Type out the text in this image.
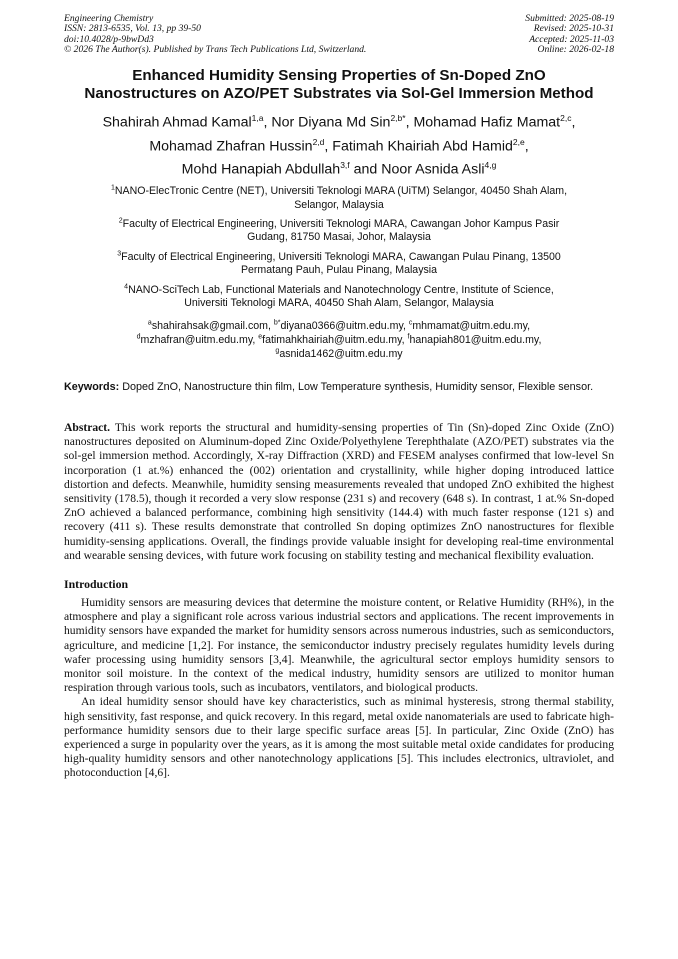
Engineering Chemistry
ISSN: 2813-6535, Vol. 13, pp 39-50
doi:10.4028/p-9bwDd3
© 2026 The Author(s). Published by Trans Tech Publications Ltd, Switzerland.
Submitted: 2025-08-19
Revised: 2025-10-31
Accepted: 2025-11-03
Online: 2026-02-18
Enhanced Humidity Sensing Properties of Sn-Doped ZnO
Nanostructures on AZO/PET Substrates via Sol-Gel Immersion Method
Shahirah Ahmad Kamal$^{1,a}$, Nor Diyana Md Sin$^{2,b*}$, Mohamad Hafiz Mamat$^{2,c}$,
Mohamad Zhafran Hussin$^{2,d}$, Fatimah Khairiah Abd Hamid$^{2,e}$,
Mohd Hanapiah Abdullah$^{3,f}$ and Noor Asnida Asli$^{4,g}$
$^1$NANO-ElecTronic Centre (NET), Universiti Teknologi MARA (UiTM) Selangor, 40450 Shah Alam,
Selangor, Malaysia
$^2$Faculty of Electrical Engineering, Universiti Teknologi MARA, Cawangan Johor Kampus Pasir
Gudang, 81750 Masai, Johor, Malaysia
$^3$Faculty of Electrical Engineering, Universiti Teknologi MARA, Cawangan Pulau Pinang, 13500
Permatang Pauh, Pulau Pinang, Malaysia
$^4$NANO-SciTech Lab, Functional Materials and Nanotechnology Centre, Institute of Science,
Universiti Teknologi MARA, 40450 Shah Alam, Selangor, Malaysia
$^a$shahirahsak@gmail.com, $^{b*}$diyana0366@uitm.edu.my, $^c$mhmamat@uitm.edu.my,
$^d$mzhafran@uitm.edu.my, $^e$fatimahkhairiah@uitm.edu.my, $^f$hanapiah801@uitm.edu.my,
$^g$asnida1462@uitm.edu.my
Keywords: Doped ZnO, Nanostructure thin film, Low Temperature synthesis, Humidity sensor, Flexible sensor.
Abstract. This work reports the structural and humidity-sensing properties of Tin (Sn)-doped Zinc Oxide (ZnO) nanostructures deposited on Aluminum-doped Zinc Oxide/Polyethylene Terephthalate (AZO/PET) substrates via the sol-gel immersion method. Accordingly, X-ray Diffraction (XRD) and FESEM analyses confirmed that low-level Sn incorporation (1 at.%) enhanced the (002) orientation and crystallinity, while higher doping introduced lattice distortion and defects. Meanwhile, humidity sensing measurements revealed that undoped ZnO exhibited the highest sensitivity (178.5), though it recorded a very slow response (231 s) and recovery (648 s). In contrast, 1 at.% Sn-doped ZnO achieved a balanced performance, combining high sensitivity (144.4) with much faster response (121 s) and recovery (411 s). These results demonstrate that controlled Sn doping optimizes ZnO nanostructures for flexible humidity-sensing applications. Overall, the findings provide valuable insight for developing real-time environmental and wearable sensing devices, with future work focusing on stability testing and mechanical flexibility evaluation.
Introduction

Humidity sensors are measuring devices that determine the moisture content, or Relative Humidity (RH%), in the atmosphere and play a significant role across various industrial sectors and applications. The recent improvements in humidity sensors have expanded the market for humidity sensors across numerous industries, such as semiconductors, agriculture, and medicine [1,2]. For instance, the semiconductor industry precisely regulates humidity levels during wafer processing using humidity sensors [3,4]. Meanwhile, the agricultural sector employs humidity sensors to monitor soil moisture. In the context of the medical industry, humidity sensors are utilized to monitor human respiration through various tools, such as incubators, ventilators, and biological products.

An ideal humidity sensor should have key characteristics, such as minimal hysteresis, strong thermal stability, high sensitivity, fast response, and quick recovery. In this regard, metal oxide nanomaterials are used to fabricate high-performance humidity sensors due to their large specific surface areas [5]. In particular, Zinc Oxide (ZnO) has experienced a surge in popularity over the years, as it is among the most suitable metal oxide candidates for producing high-quality humidity sensors and other nanotechnology applications [5]. This includes electronics, ultraviolet, and photoconduction [4,6].
